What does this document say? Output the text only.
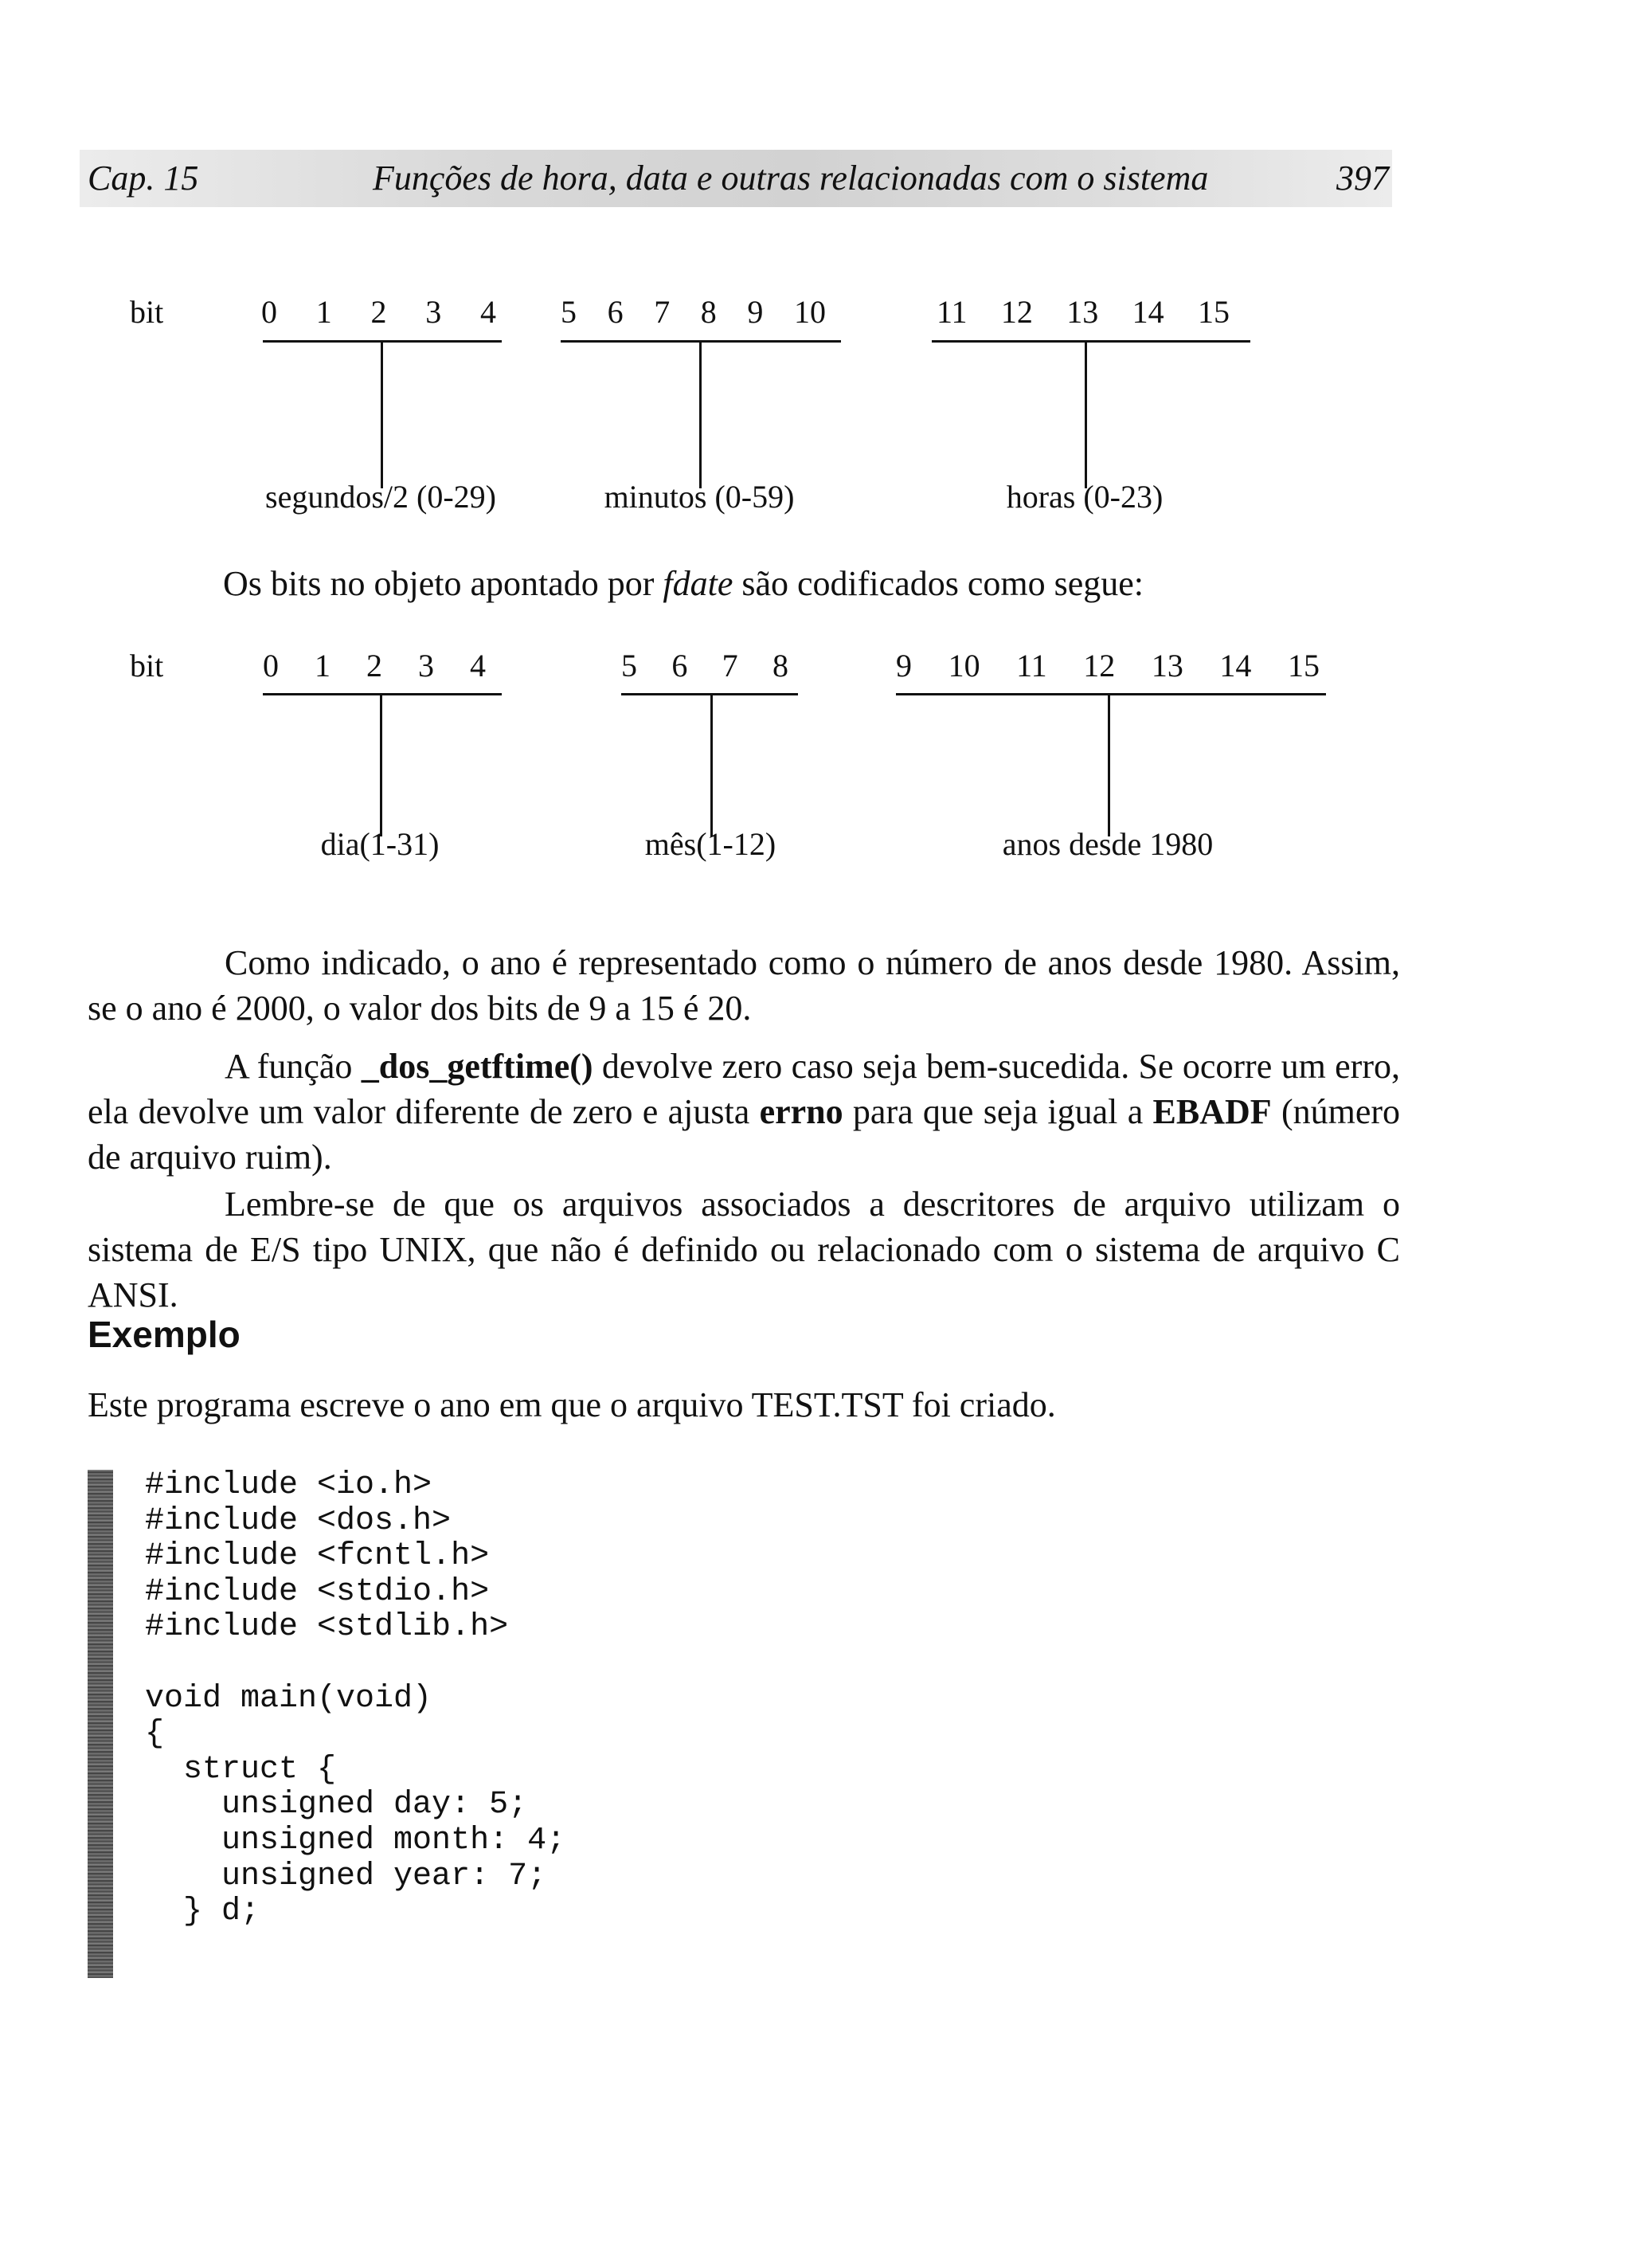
Cap. 15	Funções de hora, data e outras relacionadas com o sistema	397
bit	0 1 2 3 4
segundos/2 (0-29)
5 6 7 8 9 10
minutos (0-59)
11 12 13 14 15
horas (0-23)
Os bits no objeto apontado por fdate são codificados como segue:
bit	0 1 2 3 4
dia(1-31)
5 6 7 8
mês(1-12)
9 10 11 12 13 14 15
anos desde 1980
Como indicado, o ano é representado como o número de anos desde 1980. Assim, se o ano é 2000, o valor dos bits de 9 a 15 é 20.
A função _dos_getftime() devolve zero caso seja bem-sucedida. Se ocorre um erro, ela devolve um valor diferente de zero e ajusta errno para que seja igual a EBADF (número de arquivo ruim).
Lembre-se de que os arquivos associados a descritores de arquivo utilizam o sistema de E/S tipo UNIX, que não é definido ou relacionado com o sistema de arquivo C ANSI.
Exemplo
Este programa escreve o ano em que o arquivo TEST.TST foi criado.
#include <io.h>
#include <dos.h>
#include <fcntl.h>
#include <stdio.h>
#include <stdlib.h>

void main(void)
{
struct {
unsigned day: 5;
unsigned month: 4;
unsigned year: 7;
} d;
